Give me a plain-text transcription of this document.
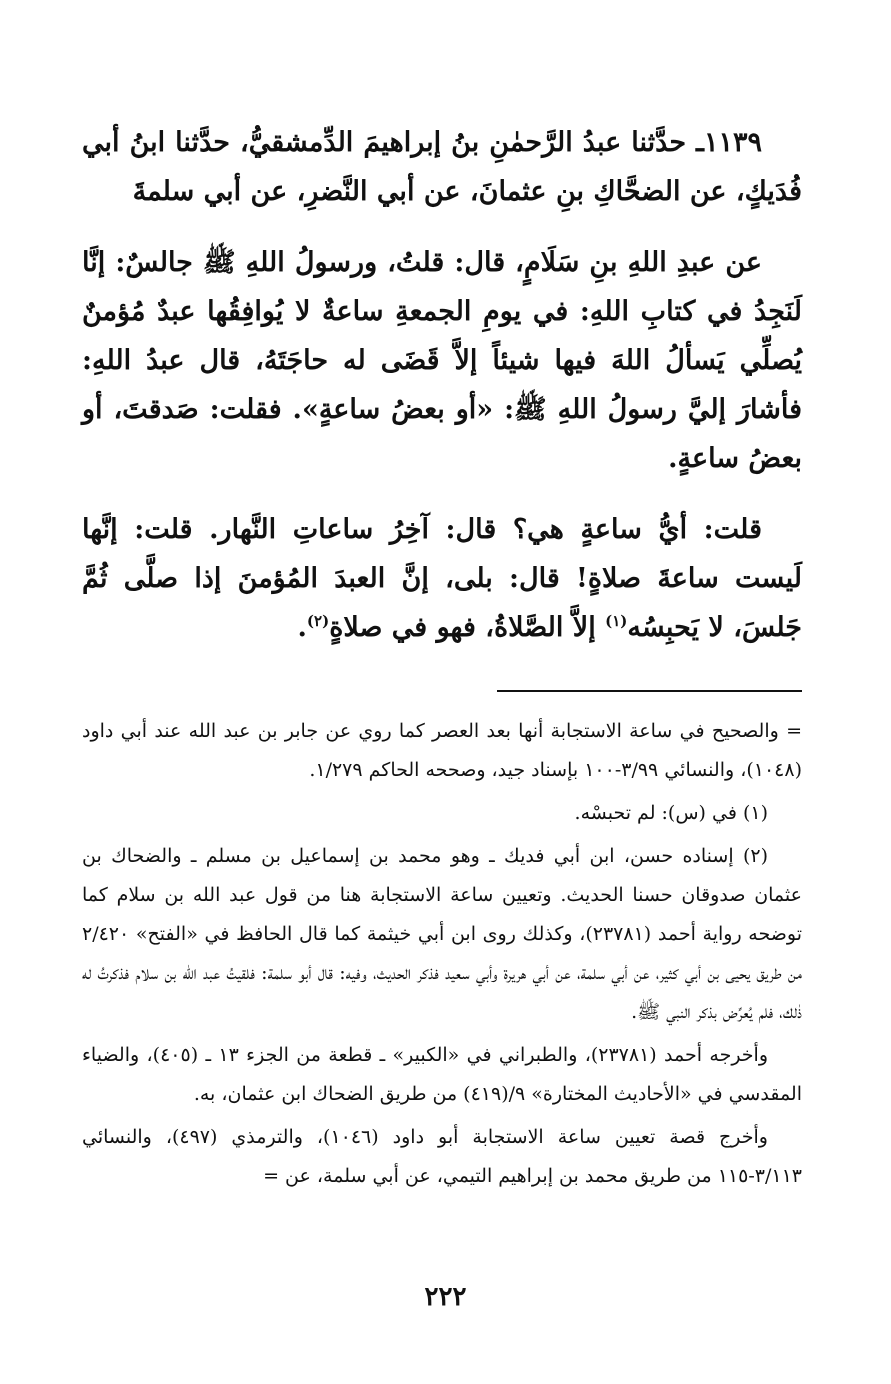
١١٣٩ـ حدَّثنا عبدُ الرَّحمٰنِ بنُ إبراهيمَ الدِّمشقيُّ، حدَّثنا ابنُ أبي فُدَيكٍ، عن الضحَّاكِ بنِ عثمانَ، عن أبي النَّضرِ، عن أبي سلمةَ

عن عبدِ اللهِ بنِ سَلَامٍ، قال: قلتُ، ورسولُ اللهِ ﷺ جالسٌ: إنَّا لَنَجِدُ في كتابِ اللهِ: في يومِ الجمعةِ ساعةٌ لا يُوافِقُها عبدٌ مُؤمنٌ يُصلِّي يَسألُ اللهَ فيها شيئاً إلاَّ قَضَى له حاجَتَهُ، قال عبدُ اللهِ: فأشارَ إليَّ رسولُ اللهِ ﷺ: «أو بعضُ ساعةٍ». فقلت: صَدقتَ، أو بعضُ ساعةٍ.

قلت: أيُّ ساعةٍ هي؟ قال: آخِرُ ساعاتِ النَّهار. قلت: إنَّها لَيست ساعةَ صلاةٍ! قال: بلى، إنَّ العبدَ المُؤمنَ إذا صلَّى ثُمَّ جَلسَ، لا يَحبِسُه$^{(١)}$ إلاَّ الصَّلاةُ، فهو في صلاةٍ$^{(٢)}$.

= والصحيح في ساعة الاستجابة أنها بعد العصر كما روي عن جابر بن عبد الله عند أبي داود (١٠٤٨)، والنسائي ٣/٩٩-١٠٠ بإسناد جيد، وصححه الحاكم ١/٢٧٩.

(١) في (س): لم تحبسْه.

(٢) إسناده حسن، ابن أبي فديك ـ وهو محمد بن إسماعيل بن مسلم ـ والضحاك بن عثمان صدوقان حسنا الحديث. وتعيين ساعة الاستجابة هنا من قول عبد الله بن سلام كما توضحه رواية أحمد (٢٣٧٨١)، وكذلك روى ابن أبي خيثمة كما قال الحافظ في «الفتح» ٢/٤٢٠ من طريق يحيى بن أبي كثير، عن أبي سلمة، عن أبي هريرة وأبي سعيد فذكر الحديث، وفيه: قال أبو سلمة: فلقيتُ عبد الله بن سلام فذكرتُ له ذٰلك، فلم يُعرِّض بذكر النبي ﷺ.

وأخرجه أحمد (٢٣٧٨١)، والطبراني في «الكبير» ـ قطعة من الجزء ١٣ ـ (٤٠٥)، والضياء المقدسي في «الأحاديث المختارة» ٩/(٤١٩) من طريق الضحاك ابن عثمان، به.

وأخرج قصة تعيين ساعة الاستجابة أبو داود (١٠٤٦)، والترمذي (٤٩٧)، والنسائي ٣/١١٣-١١٥ من طريق محمد بن إبراهيم التيمي، عن أبي سلمة، عن =

٢٢٢
